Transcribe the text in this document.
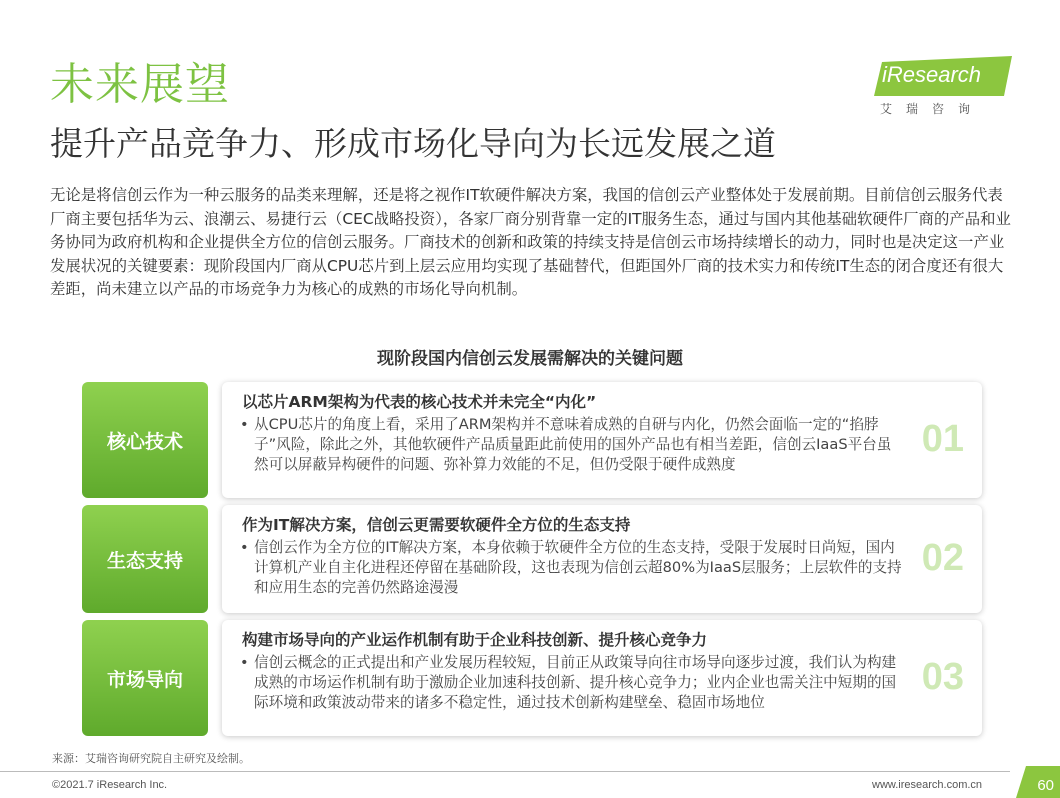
未来展望
提升产品竞争力、形成市场化导向为长远发展之道
iResearch
艾瑞咨询

无论是将信创云作为一种云服务的品类来理解，还是将之视作IT软硬件解决方案，我国的信创云产业整体处于发展前期。目前信创云服务代表厂商主要包括华为云、浪潮云、易捷行云（CEC战略投资），各家厂商分别背靠一定的IT服务生态，通过与国内其他基础软硬件厂商的产品和业务协同为政府机构和企业提供全方位的信创云服务。厂商技术的创新和政策的持续支持是信创云市场持续增长的动力，同时也是决定这一产业发展状况的关键要素：现阶段国内厂商从CPU芯片到上层云应用均实现了基础替代，但距国外厂商的技术实力和传统IT生态的闭合度还有很大差距，尚未建立以产品的市场竞争力为核心的成熟的市场化导向机制。

现阶段国内信创云发展需解决的关键问题
核心技术
以芯片ARM架构为代表的核心技术并未完全“内化”
• 从CPU芯片的角度上看，采用了ARM架构并不意味着成熟的自研与内化，仍然会面临一定的“掐脖子”风险，除此之外，其他软硬件产品质量距此前使用的国外产品也有相当差距，信创云IaaS平台虽然可以屏蔽异构硬件的问题、弥补算力效能的不足，但仍受限于硬件成熟度
01
生态支持
作为IT解决方案，信创云更需要软硬件全方位的生态支持
• 信创云作为全方位的IT解决方案，本身依赖于软硬件全方位的生态支持，受限于发展时日尚短，国内计算机产业自主化进程还停留在基础阶段，这也表现为信创云超80%为IaaS层服务；上层软件的支持和应用生态的完善仍然路途漫漫
02
市场导向
构建市场导向的产业运作机制有助于企业科技创新、提升核心竞争力
• 信创云概念的正式提出和产业发展历程较短，目前正从政策导向往市场导向逐步过渡，我们认为构建成熟的市场运作机制有助于激励企业加速科技创新、提升核心竞争力；业内企业也需关注中短期的国际环境和政策波动带来的诸多不稳定性，通过技术创新构建壁垒、稳固市场地位
03
来源：艾瑞咨询研究院自主研究及绘制。
©2021.7 iResearch Inc.	www.iresearch.com.cn	60
